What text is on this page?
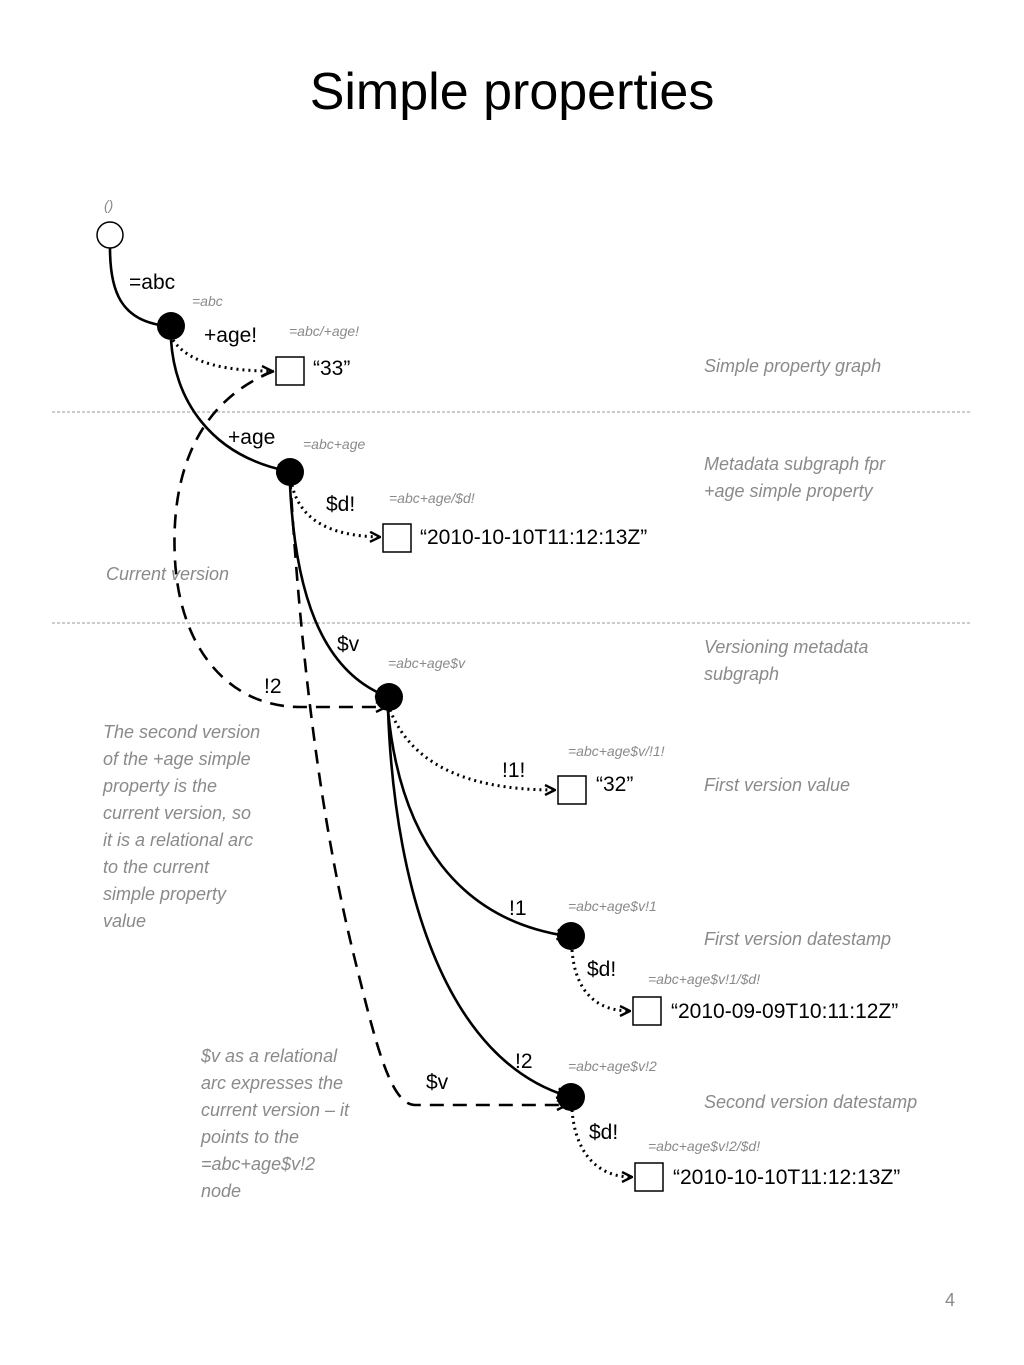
Simple properties
()
=abc
=abc+age
=abc+age$v
=abc+age$v!1
=abc+age$v!2
=abc/+age!
=abc+age/$d!
=abc+age$v/!1!
=abc+age$v!1/$d!
=abc+age$v!2/$d!
“33”
“2010-10-10T11:12:13Z”
“32”
“2010-09-09T10:11:12Z”
“2010-10-10T11:12:13Z”
=abc
+age!
+age
$d!
$v
!2
!1!
!1
$d!
!2
$v
$d!
Simple property graph
Metadata subgraph fpr +age simple property
Versioning metadata subgraph
First version value
First version datestamp
Second version datestamp
Current version
The second version of the +age simple property is the current version, so it is a relational arc to the current simple property value
$v as a relational arc expresses the current version – it points to the =abc+age$v!2 node
4
